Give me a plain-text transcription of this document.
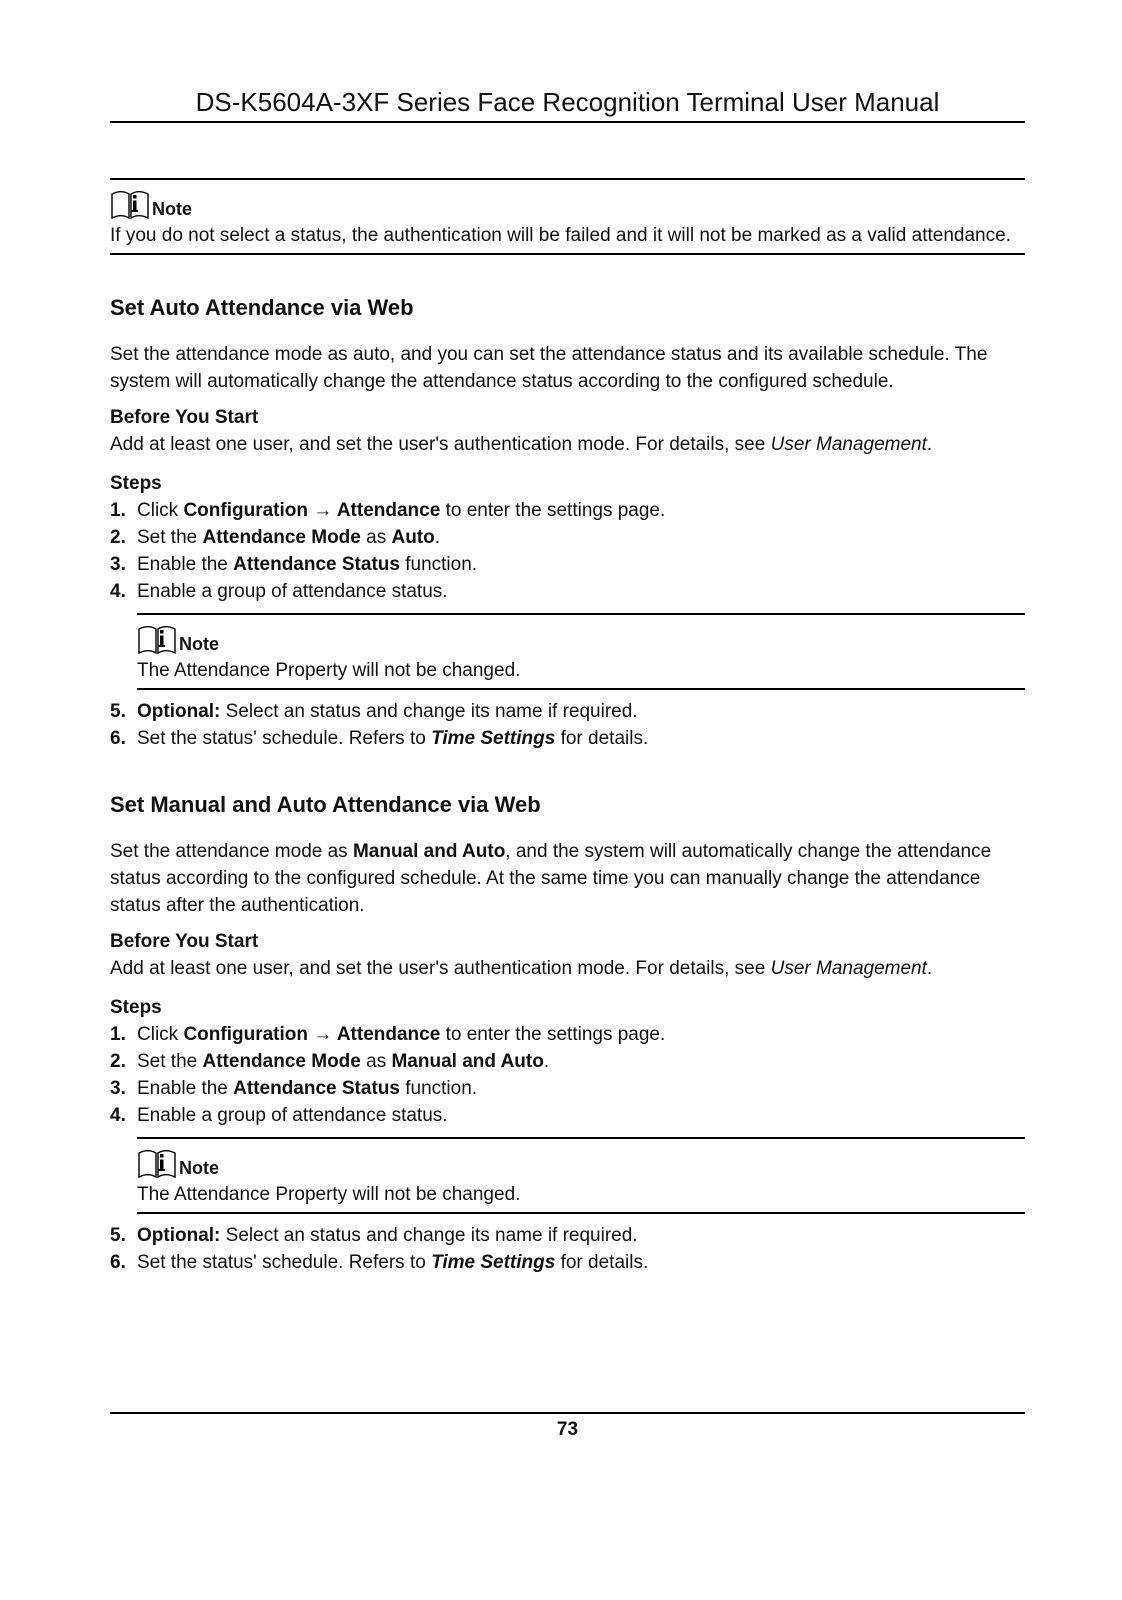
DS-K5604A-3XF Series Face Recognition Terminal User Manual
Note

If you do not select a status, the authentication will be failed and it will not be marked as a valid attendance.

Set Auto Attendance via Web

Set the attendance mode as auto, and you can set the attendance status and its available schedule. The system will automatically change the attendance status according to the configured schedule.

Before You Start

Add at least one user, and set the user's authentication mode. For details, see User Management.

Steps
1. Click Configuration → Attendance to enter the settings page.
2. Set the Attendance Mode as Auto.
3. Enable the Attendance Status function.
4. Enable a group of attendance status.
Note

The Attendance Property will not be changed.

5. Optional: Select an status and change its name if required.
6. Set the status' schedule. Refers to Time Settings for details.
Set Manual and Auto Attendance via Web

Set the attendance mode as Manual and Auto, and the system will automatically change the attendance status according to the configured schedule. At the same time you can manually change the attendance status after the authentication.

Before You Start

Add at least one user, and set the user's authentication mode. For details, see User Management.

Steps
1. Click Configuration → Attendance to enter the settings page.
2. Set the Attendance Mode as Manual and Auto.
3. Enable the Attendance Status function.
4. Enable a group of attendance status.
Note

The Attendance Property will not be changed.

5. Optional: Select an status and change its name if required.
6. Set the status' schedule. Refers to Time Settings for details.
73
